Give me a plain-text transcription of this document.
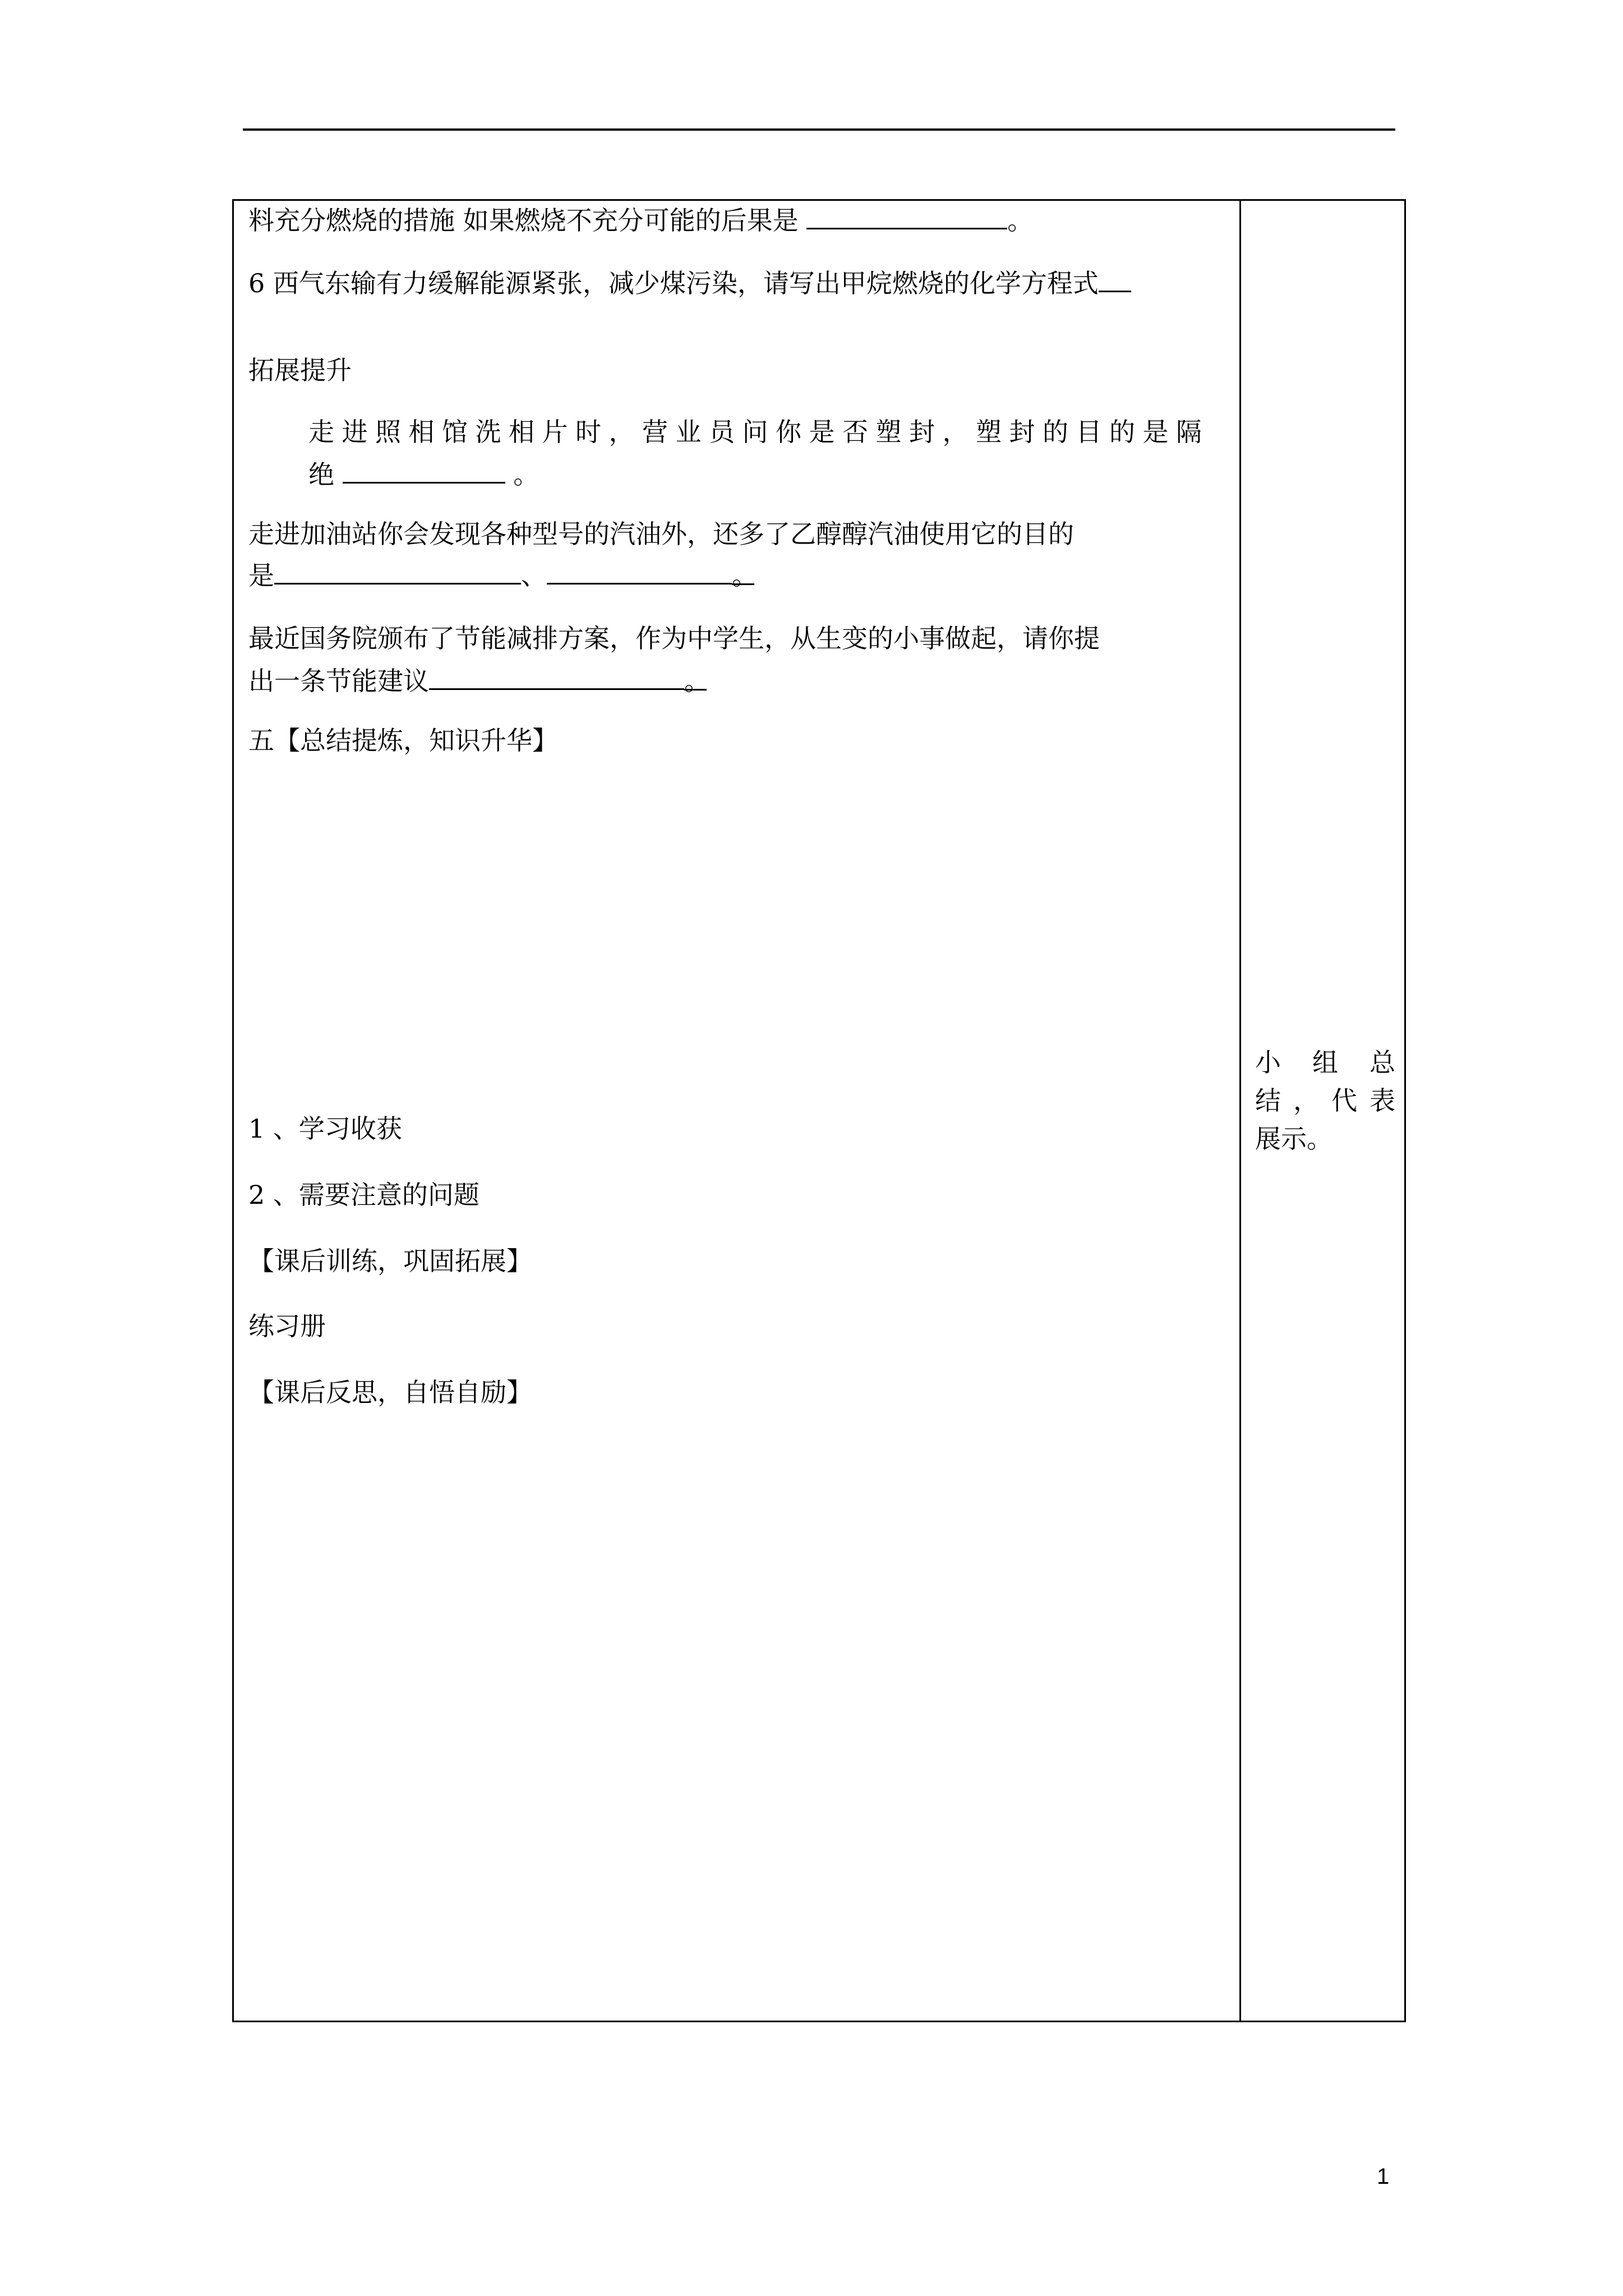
料充分燃烧的措施 如果燃烧不充分可能的后果是	。
6 西气东输有力缓解能源紧张，减少煤污染，请写出甲烷燃烧的化学方程式
拓展提升
走进照相馆洗相片时，营业员问你是否塑封，塑封的目的是隔
绝	。
走进加油站你会发现各种型号的汽油外，还多了乙醇醇汽油使用它的目的
是	、	。
最近国务院颁布了节能减排方案，作为中学生，从生变的小事做起，请你提
出一条节能建议	。
五【总结提炼，知识升华】
1 、学习收获
2 、需要注意的问题
【课后训练，巩固拓展】
练习册
【课后反思，自悟自励】
小 组 总
结，代表
展示。
1
